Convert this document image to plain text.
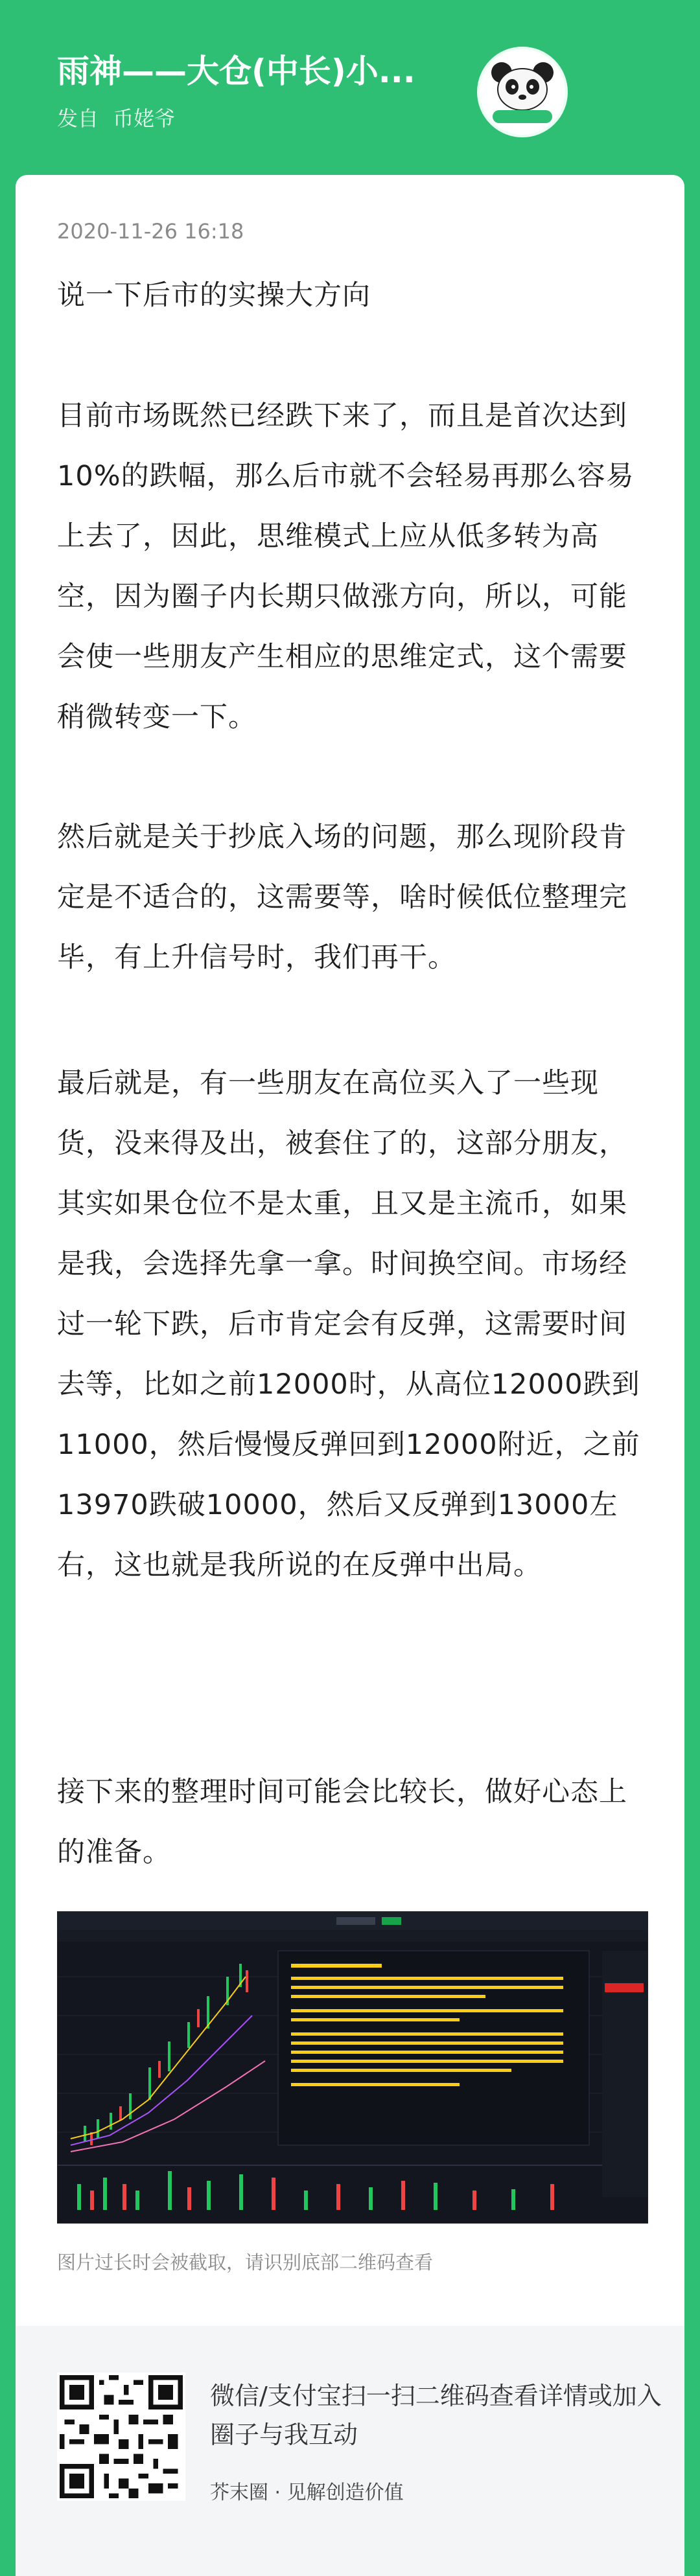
雨神——大仓(中长)小...
发自 币姥爷
2020-11-26 16:18
说一下后市的实操大方向
目前市场既然已经跌下来了，而且是首次达到10%的跌幅，那么后市就不会轻易再那么容易上去了，因此，思维模式上应从低多转为高空，因为圈子内长期只做涨方向，所以，可能会使一些朋友产生相应的思维定式，这个需要稍微转变一下。
然后就是关于抄底入场的问题，那么现阶段肯定是不适合的，这需要等，啥时候低位整理完毕，有上升信号时，我们再干。
最后就是，有一些朋友在高位买入了一些现货，没来得及出，被套住了的，这部分朋友，其实如果仓位不是太重，且又是主流币，如果是我，会选择先拿一拿。时间换空间。市场经过一轮下跌，后市肯定会有反弹，这需要时间去等，比如之前12000时，从高位12000跌到11000，然后慢慢反弹回到12000附近，之前13970跌破10000，然后又反弹到13000左右，这也就是我所说的在反弹中出局。
接下来的整理时间可能会比较长，做好心态上的准备。
图片过长时会被截取，请识别底部二维码查看
微信/支付宝扫一扫二维码查看详情或加入圈子与我互动
芥末圈 · 见解创造价值
